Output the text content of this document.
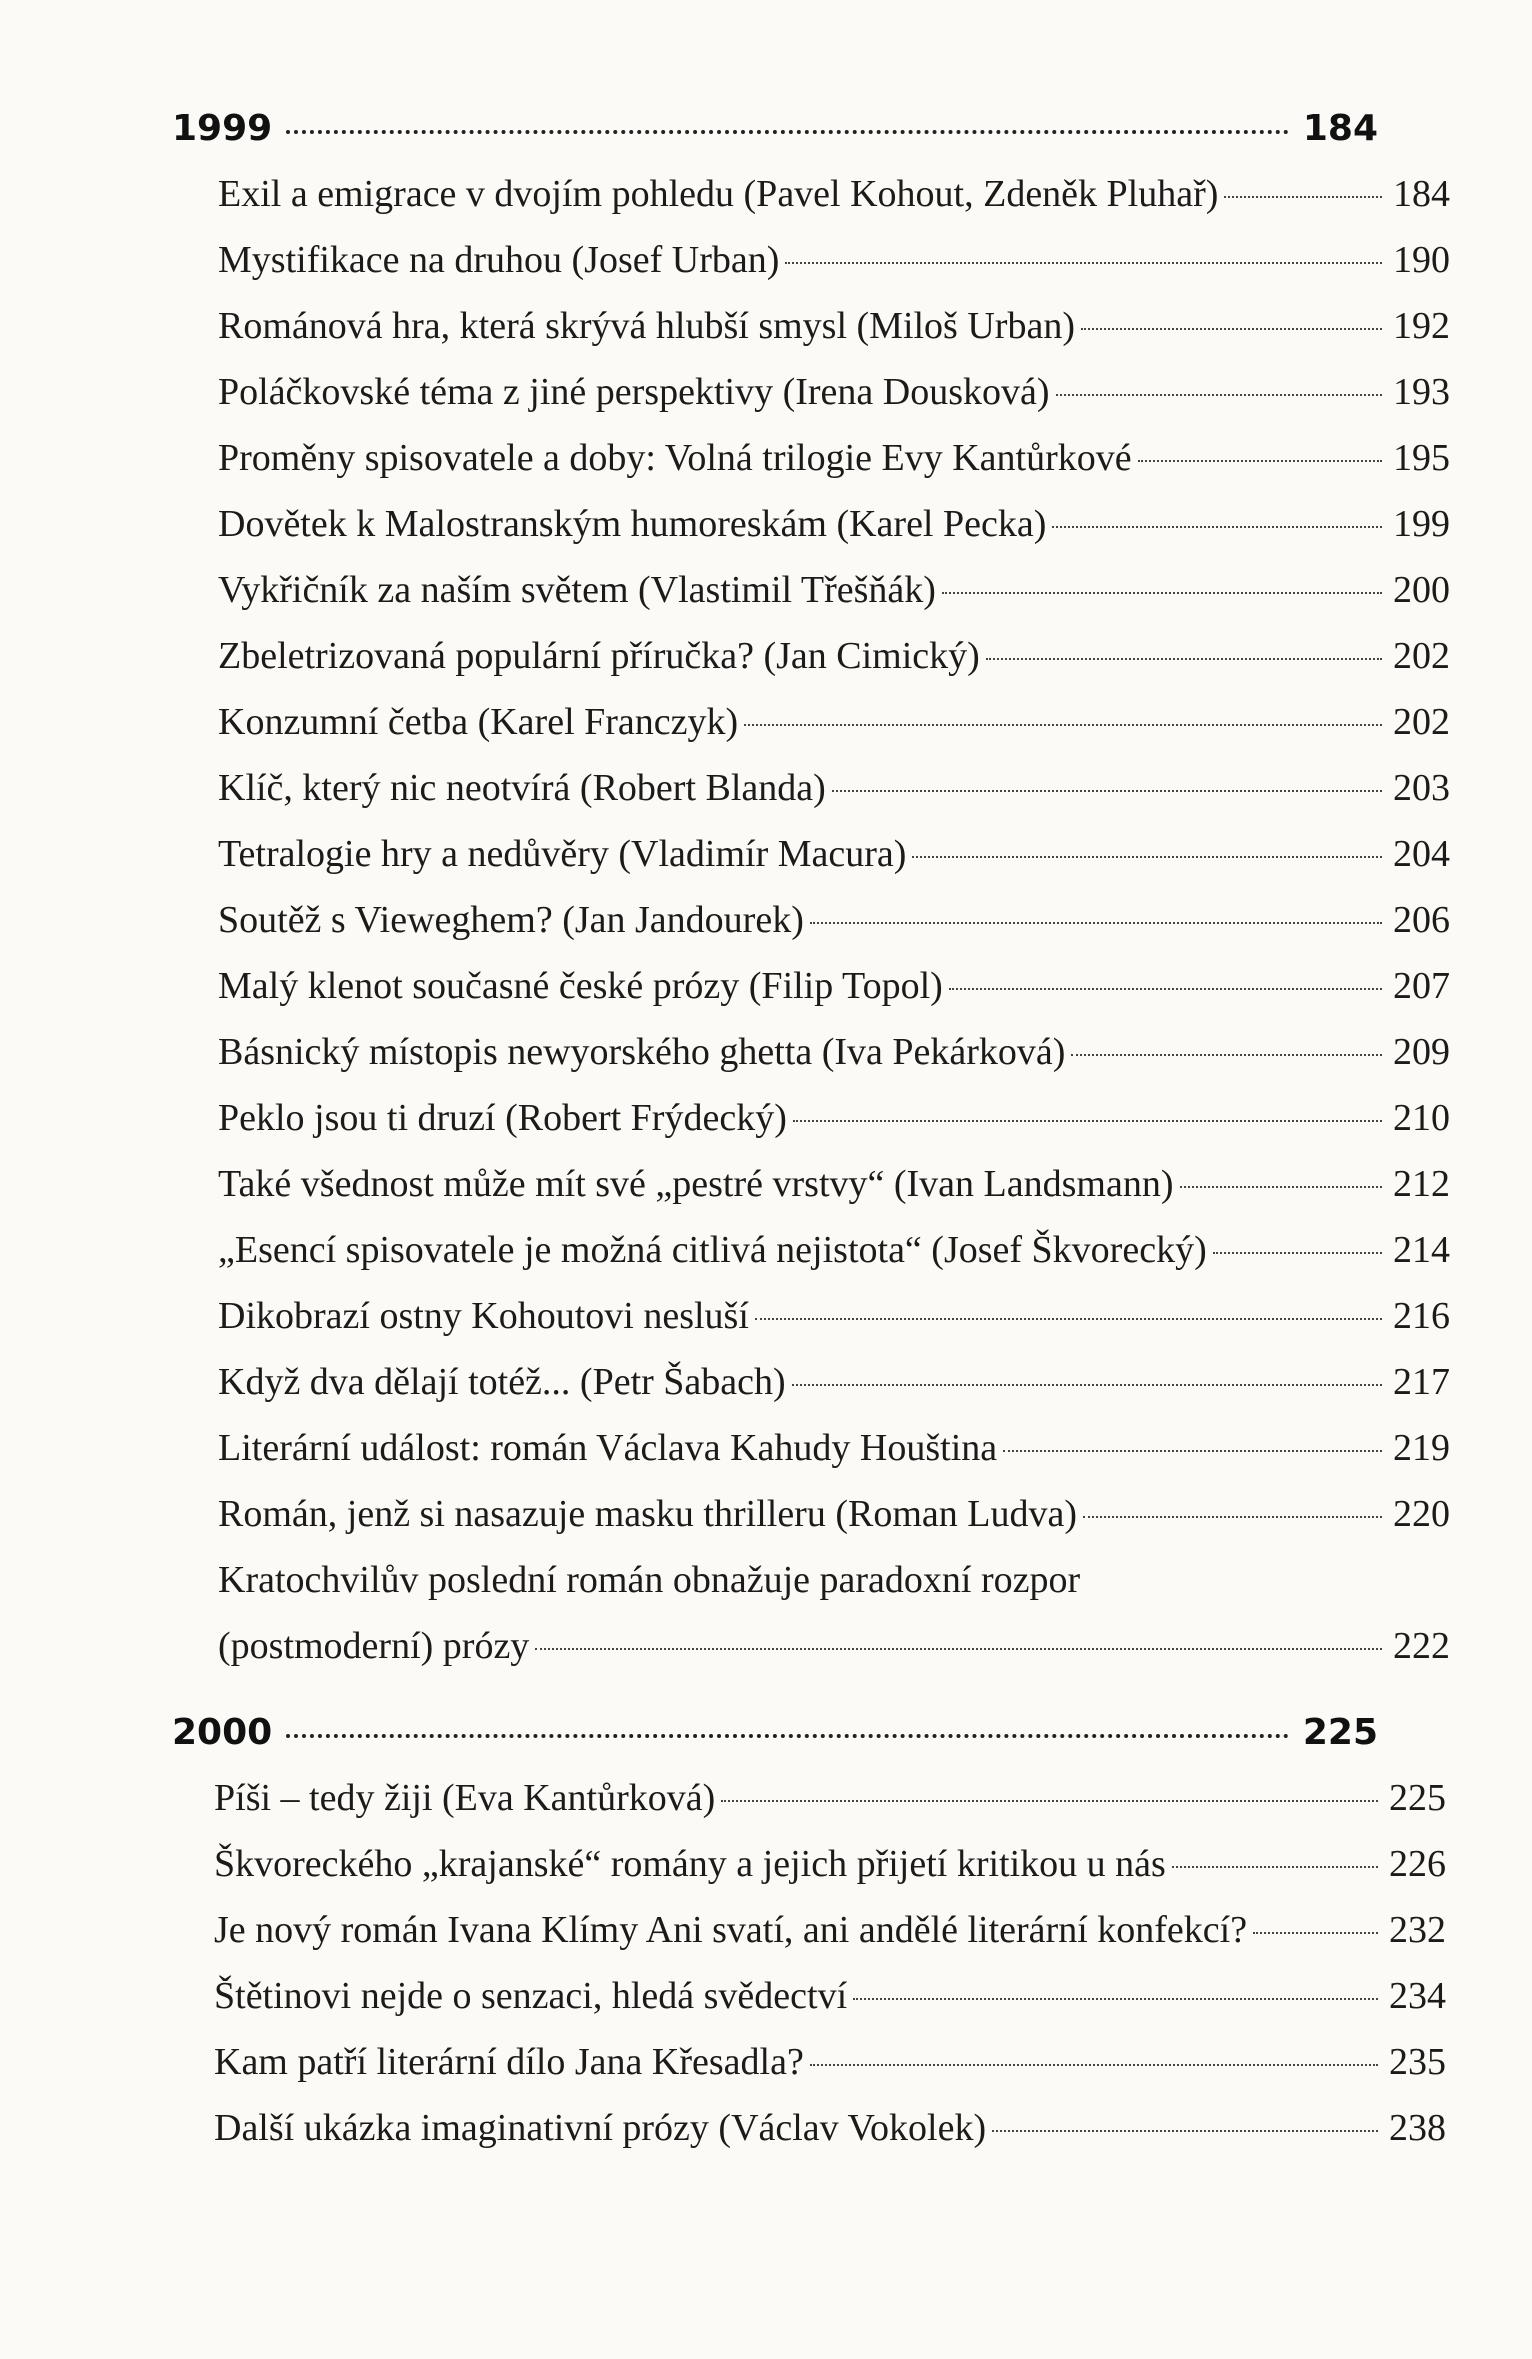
1999	184
Exil a emigrace v dvojím pohledu (Pavel Kohout, Zdeněk Pluhař)	184
Mystifikace na druhou (Josef Urban)	190
Románová hra, která skrývá hlubší smysl (Miloš Urban)	192
Poláčkovské téma z jiné perspektivy (Irena Dousková)	193
Proměny spisovatele a doby: Volná trilogie Evy Kantůrkové	195
Dovětek k Malostranským humoreskám (Karel Pecka)	199
Vykřičník za naším světem (Vlastimil Třešňák)	200
Zbeletrizovaná populární příručka? (Jan Cimický)	202
Konzumní četba (Karel Franczyk)	202
Klíč, který nic neotvírá (Robert Blanda)	203
Tetralogie hry a nedůvěry (Vladimír Macura)	204
Soutěž s Vieweghem? (Jan Jandourek)	206
Malý klenot současné české prózy (Filip Topol)	207
Básnický místopis newyorského ghetta (Iva Pekárková)	209
Peklo jsou ti druzí (Robert Frýdecký)	210
Také všednost může mít své „pestré vrstvy“ (Ivan Landsmann)	212
„Esencí spisovatele je možná citlivá nejistota“ (Josef Škvorecký)	214
Dikobrazí ostny Kohoutovi nesluší	216
Když dva dělají totéž... (Petr Šabach)	217
Literární událost: román Václava Kahudy Houština	219
Román, jenž si nasazuje masku thrilleru (Roman Ludva)	220
Kratochvilův poslední román obnažuje paradoxní rozpor
(postmoderní) prózy	222
2000	225
Píši – tedy žiji (Eva Kantůrková)	225
Škvoreckého „krajanské“ romány a jejich přijetí kritikou u nás	226
Je nový román Ivana Klímy Ani svatí, ani andělé literární konfekcí?	232
Štětinovi nejde o senzaci, hledá svědectví	234
Kam patří literární dílo Jana Křesadla?	235
Další ukázka imaginativní prózy (Václav Vokolek)	238
